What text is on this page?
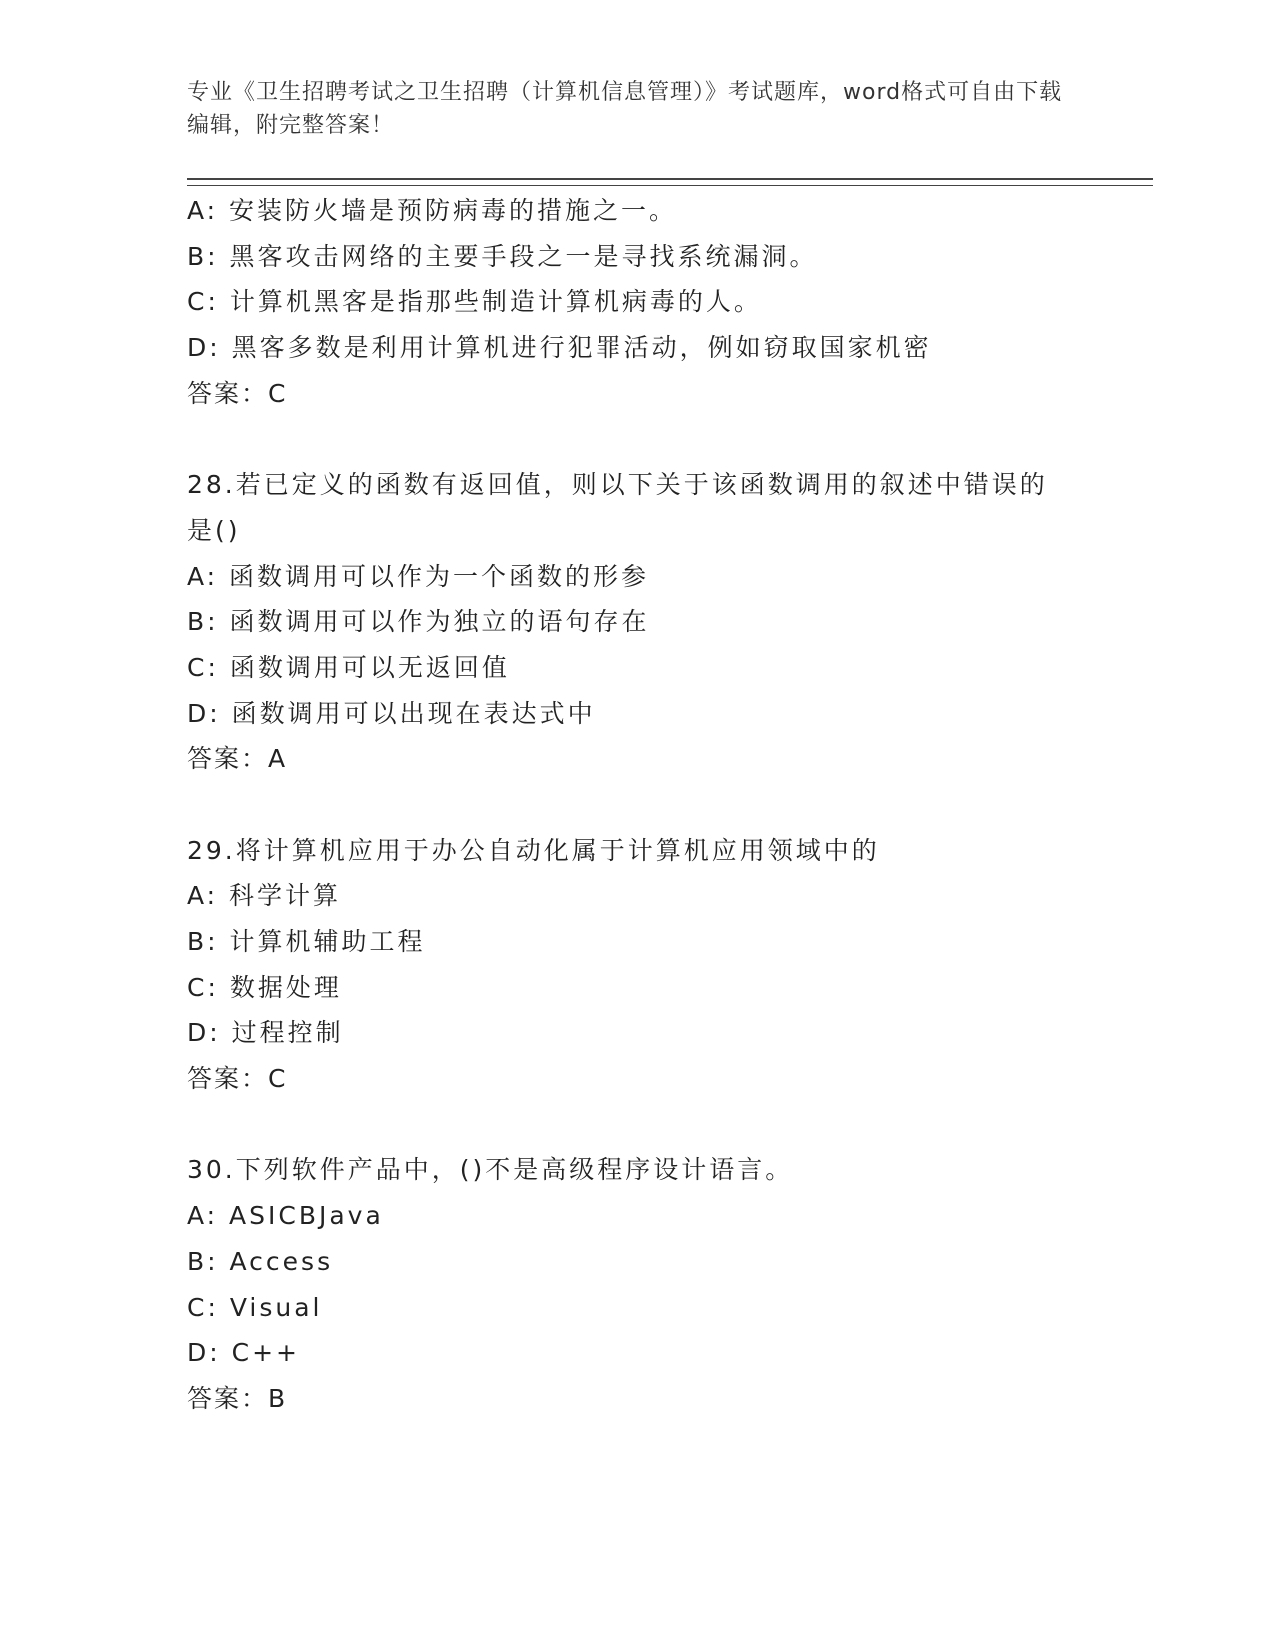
专业《卫生招聘考试之卫生招聘（计算机信息管理）》考试题库，word格式可自由下载编辑，附完整答案！
A: 安装防火墙是预防病毒的措施之一。
B: 黑客攻击网络的主要手段之一是寻找系统漏洞。
C: 计算机黑客是指那些制造计算机病毒的人。
D: 黑客多数是利用计算机进行犯罪活动，例如窃取国家机密
答案：C
28.若已定义的函数有返回值，则以下关于该函数调用的叙述中错误的
是()
A: 函数调用可以作为一个函数的形参
B: 函数调用可以作为独立的语句存在
C: 函数调用可以无返回值
D: 函数调用可以出现在表达式中
答案：A
29.将计算机应用于办公自动化属于计算机应用领域中的
A: 科学计算
B: 计算机辅助工程
C: 数据处理
D: 过程控制
答案：C
30.下列软件产品中，()不是高级程序设计语言。
A: ASICBJava
B: Access
C: Visual
D: C++
答案：B
